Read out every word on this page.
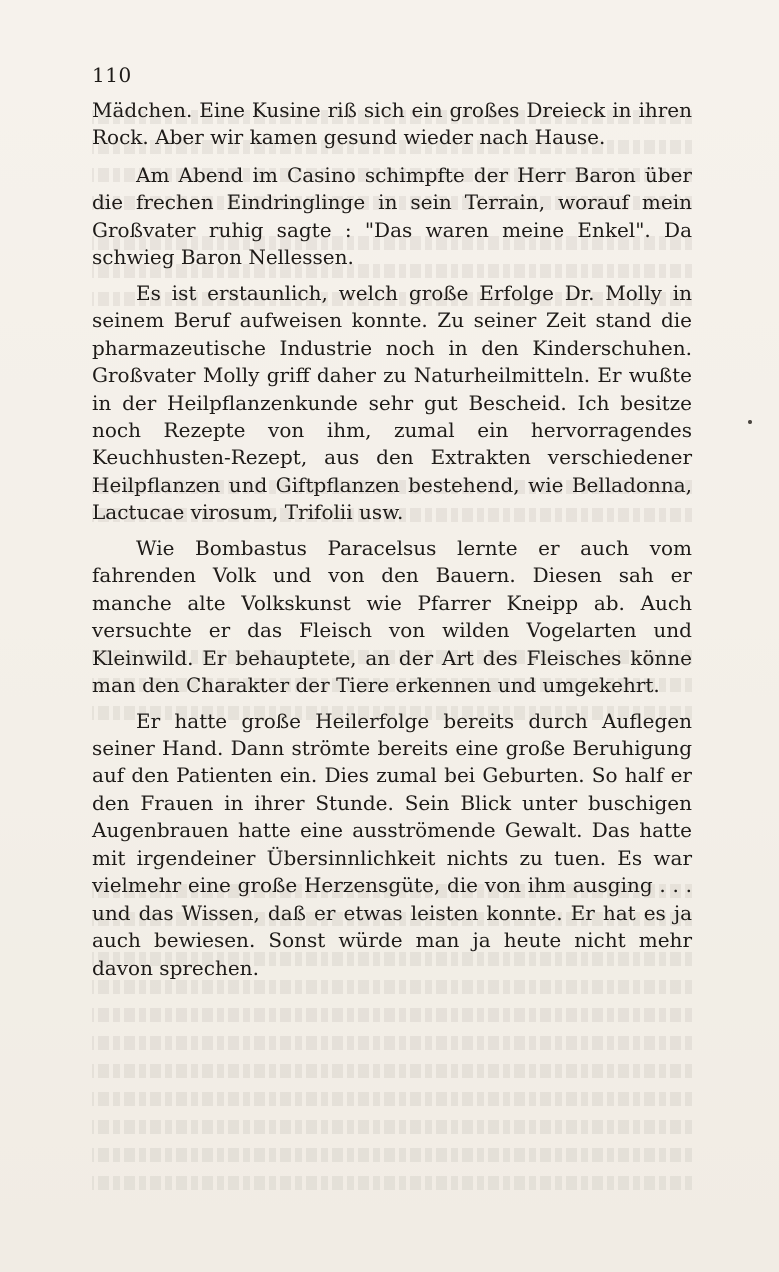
110

Mädchen. Eine Kusine riß sich ein großes Dreieck in ihren Rock. Aber wir kamen gesund wieder nach Hause.

Am Abend im Casino schimpfte der Herr Baron über die frechen Eindringlinge in sein Terrain, worauf mein Großvater ruhig sagte : "Das waren meine Enkel". Da schwieg Baron Nellessen.

Es ist erstaunlich, welch große Erfolge Dr. Molly in seinem Beruf aufweisen konnte. Zu seiner Zeit stand die pharmazeutische Industrie noch in den Kinderschuhen. Großvater Molly griff daher zu Naturheilmitteln. Er wußte in der Heilpflanzenkunde sehr gut Bescheid. Ich besitze noch Rezepte von ihm, zumal ein hervorragendes Keuchhusten-Rezept, aus den Extrakten verschiedener Heilpflanzen und Giftpflanzen bestehend, wie Belladonna, Lactucae virosum, Trifolii usw.

Wie Bombastus Paracelsus lernte er auch vom fahrenden Volk und von den Bauern. Diesen sah er manche alte Volkskunst wie Pfarrer Kneipp ab. Auch versuchte er das Fleisch von wilden Vogelarten und Kleinwild. Er behauptete, an der Art des Fleisches könne man den Charakter der Tiere erkennen und umgekehrt.

Er hatte große Heilerfolge bereits durch Auflegen seiner Hand. Dann strömte bereits eine große Beruhigung auf den Patienten ein. Dies zumal bei Geburten. So half er den Frauen in ihrer Stunde. Sein Blick unter buschigen Augenbrauen hatte eine ausströmende Gewalt. Das hatte mit irgendeiner Übersinnlichkeit nichts zu tuen. Es war vielmehr eine große Herzensgüte, die von ihm ausging . . . und das Wissen, daß er etwas leisten konnte. Er hat es ja auch bewiesen. Sonst würde man ja heute nicht mehr davon sprechen.
